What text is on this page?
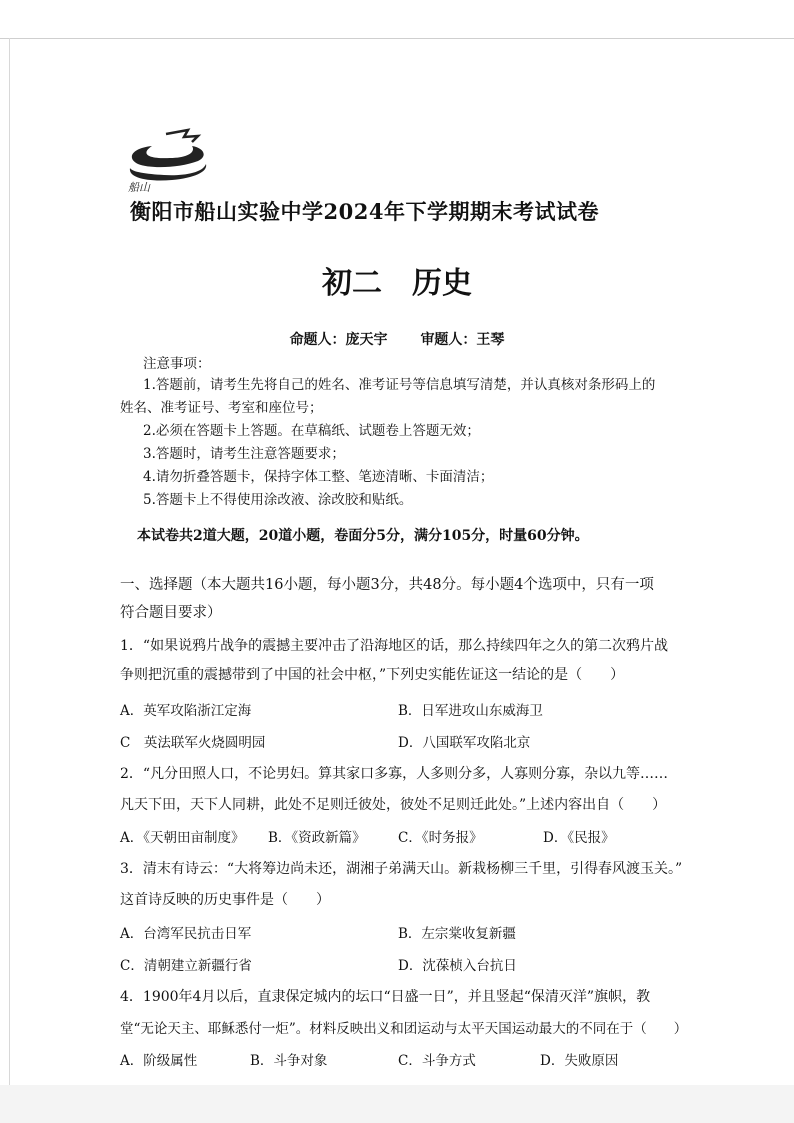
船山
衡阳市船山实验中学2024年下学期期末考试试卷
初二　历史
命题人：庞天宇 审题人：王琴
注意事项：
1.答题前，请考生先将自己的姓名、准考证号等信息填写清楚，并认真核对条形码上的
姓名、准考证号、考室和座位号；
2.必须在答题卡上答题。在草稿纸、试题卷上答题无效；
3.答题时，请考生注意答题要求；
4.请勿折叠答题卡，保持字体工整、笔迹清晰、卡面清洁；
5.答题卡上不得使用涂改液、涂改胶和贴纸。
本试卷共2道大题，20道小题，卷面分5分，满分105分，时量60分钟。
一、选择题（本大题共16小题，每小题3分，共48分。每小题4个选项中，只有一项
符合题目要求）
1．“如果说鸦片战争的震撼主要冲击了沿海地区的话，那么持续四年之久的第二次鸦片战
争则把沉重的震撼带到了中国的社会中枢，”下列史实能佐证这一结论的是（　　）
A．英军攻陷浙江定海	B．日军进攻山东威海卫
C　英法联军火烧圆明园	D．八国联军攻陷北京
2．“凡分田照人口，不论男妇。算其家口多寡，人多则分多，人寡则分寡，杂以九等……
凡天下田，天下人同耕，此处不足则迁彼处，彼处不足则迁此处。”上述内容出自（　　）
A．《天朝田亩制度》 B．《资政新篇》 C．《时务报》	D．《民报》
3．清末有诗云：“大将筹边尚未还，湖湘子弟满天山。新栽杨柳三千里，引得春风渡玉关。”
这首诗反映的历史事件是（　　）
A．台湾军民抗击日军	B．左宗棠收复新疆
C．清朝建立新疆行省	D．沈葆桢入台抗日
4．1900年4月以后，直隶保定城内的坛口“日盛一日”，并且竖起“保清灭洋”旗帜，教
堂“无论天主、耶稣悉付一炬”。材料反映出义和团运动与太平天国运动最大的不同在于（　　）
A．阶级属性	B．斗争对象	C．斗争方式	D．失败原因
